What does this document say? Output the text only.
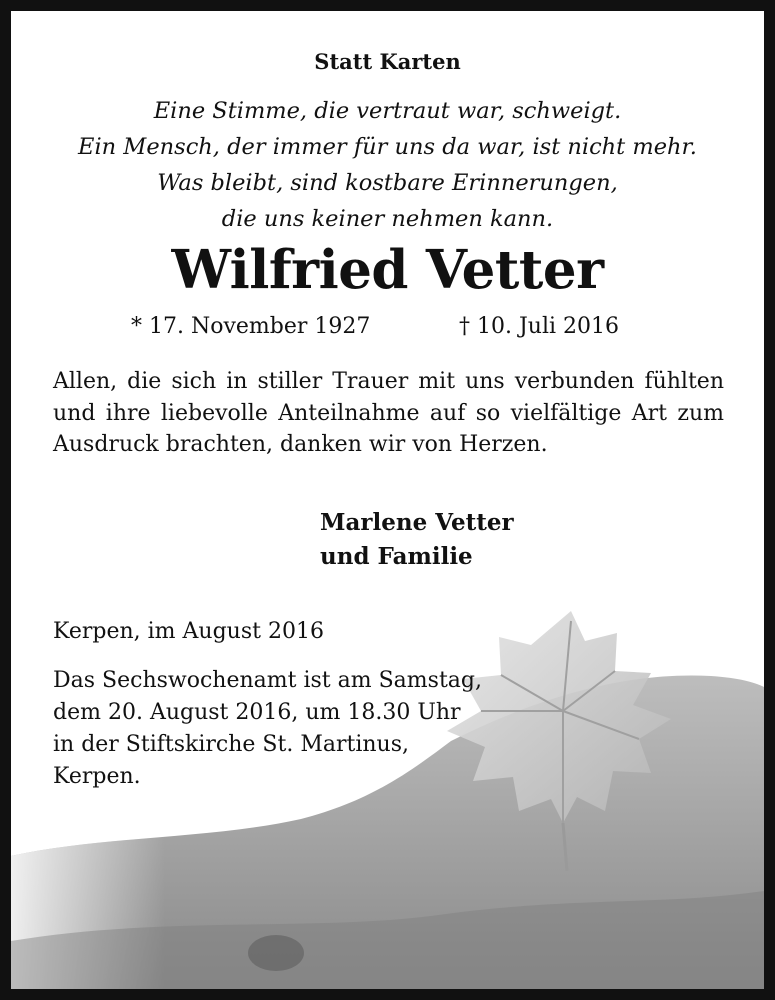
Statt Karten
Eine Stimme, die vertraut war, schweigt.
Ein Mensch, der immer für uns da war, ist nicht mehr.
Was bleibt, sind kostbare Erinnerungen,
die uns keiner nehmen kann.
Wilfried Vetter
* 17. November 1927	† 10. Juli 2016
Allen, die sich in stiller Trauer mit uns verbunden fühlten
und ihre liebevolle Anteilnahme auf so vielfältige Art zum
Ausdruck brachten, danken wir von Herzen.
Marlene Vetter
und Familie
Kerpen, im August 2016
Das Sechswochenamt ist am Samstag,
dem 20. August 2016, um 18.30 Uhr
in der Stiftskirche St. Martinus,
Kerpen.
